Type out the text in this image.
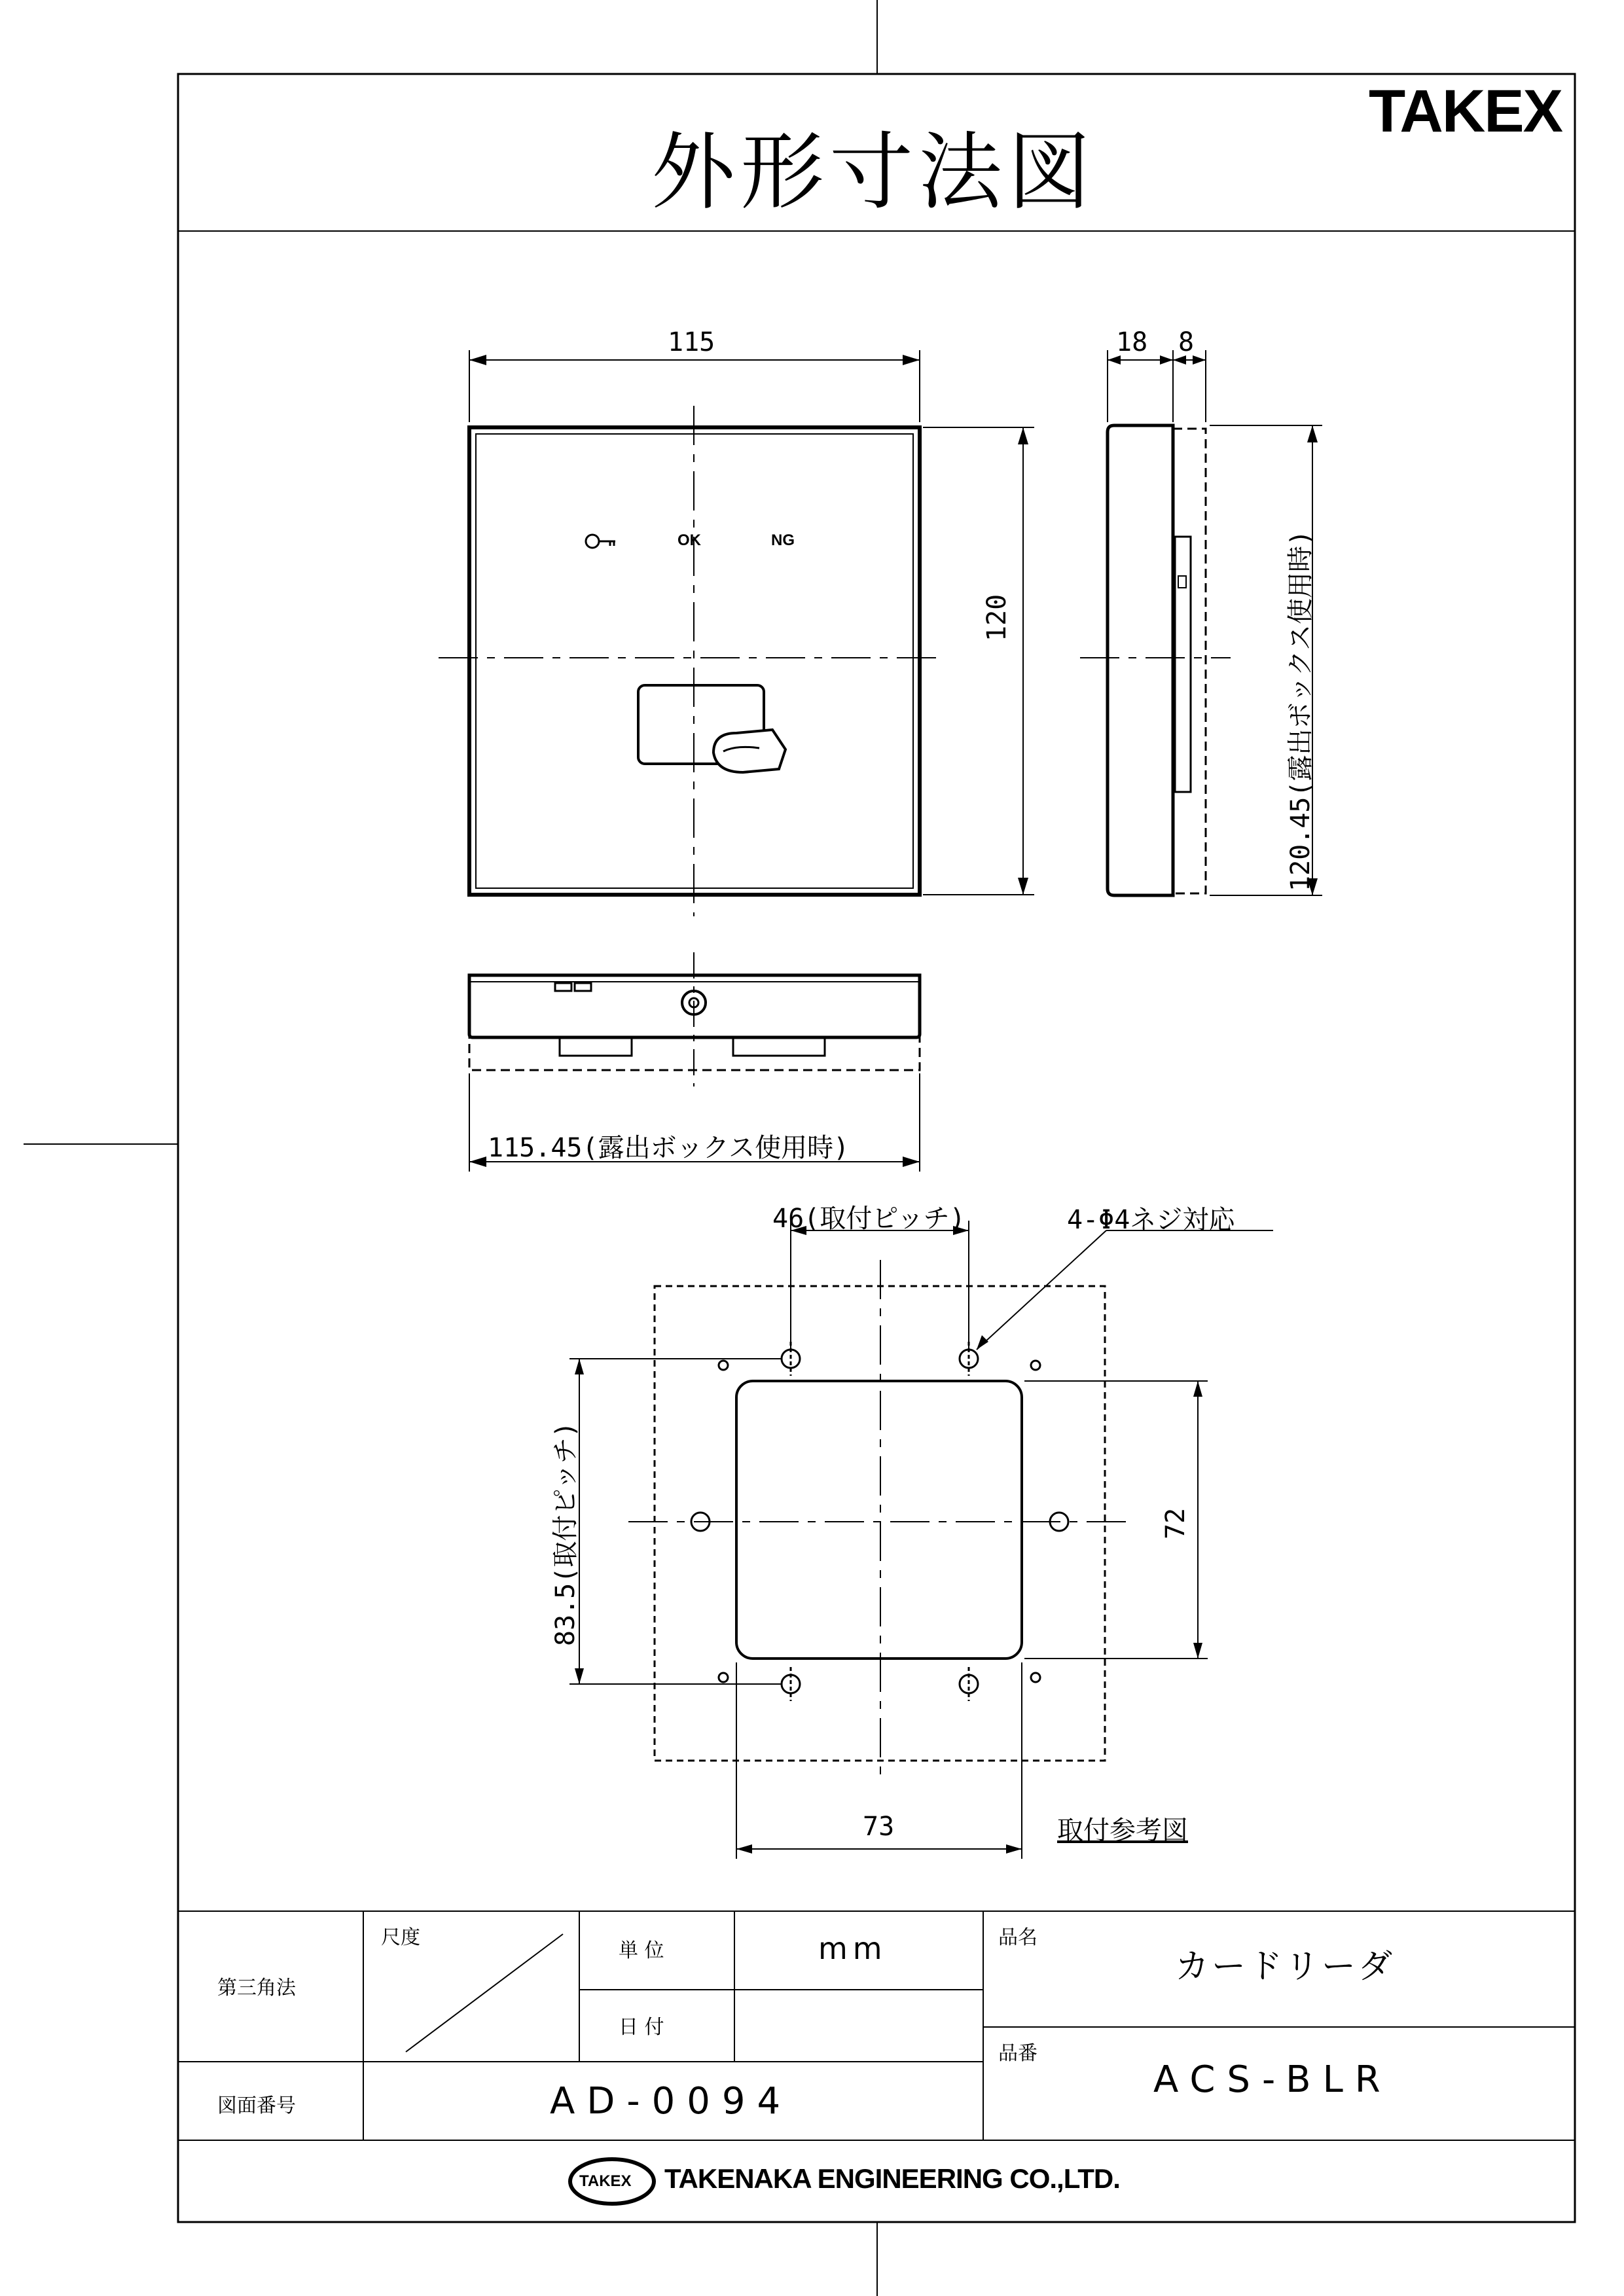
外形寸法図
TAKEX
OK	NG
115
120
18 8
120.45(露出ボックス使用時)
115.45(露出ボックス使用時)
46(取付ピッチ)	4-Φ4ネジ対応
83.5(取付ピッチ)	72
73	取付参考図
第三角法
尺度
単 位	mm
日 付
品名
カードリーダ
品番
ACS-BLR
図面番号	AD-0094
TAKEX TAKENAKA ENGINEERING CO.,LTD.
